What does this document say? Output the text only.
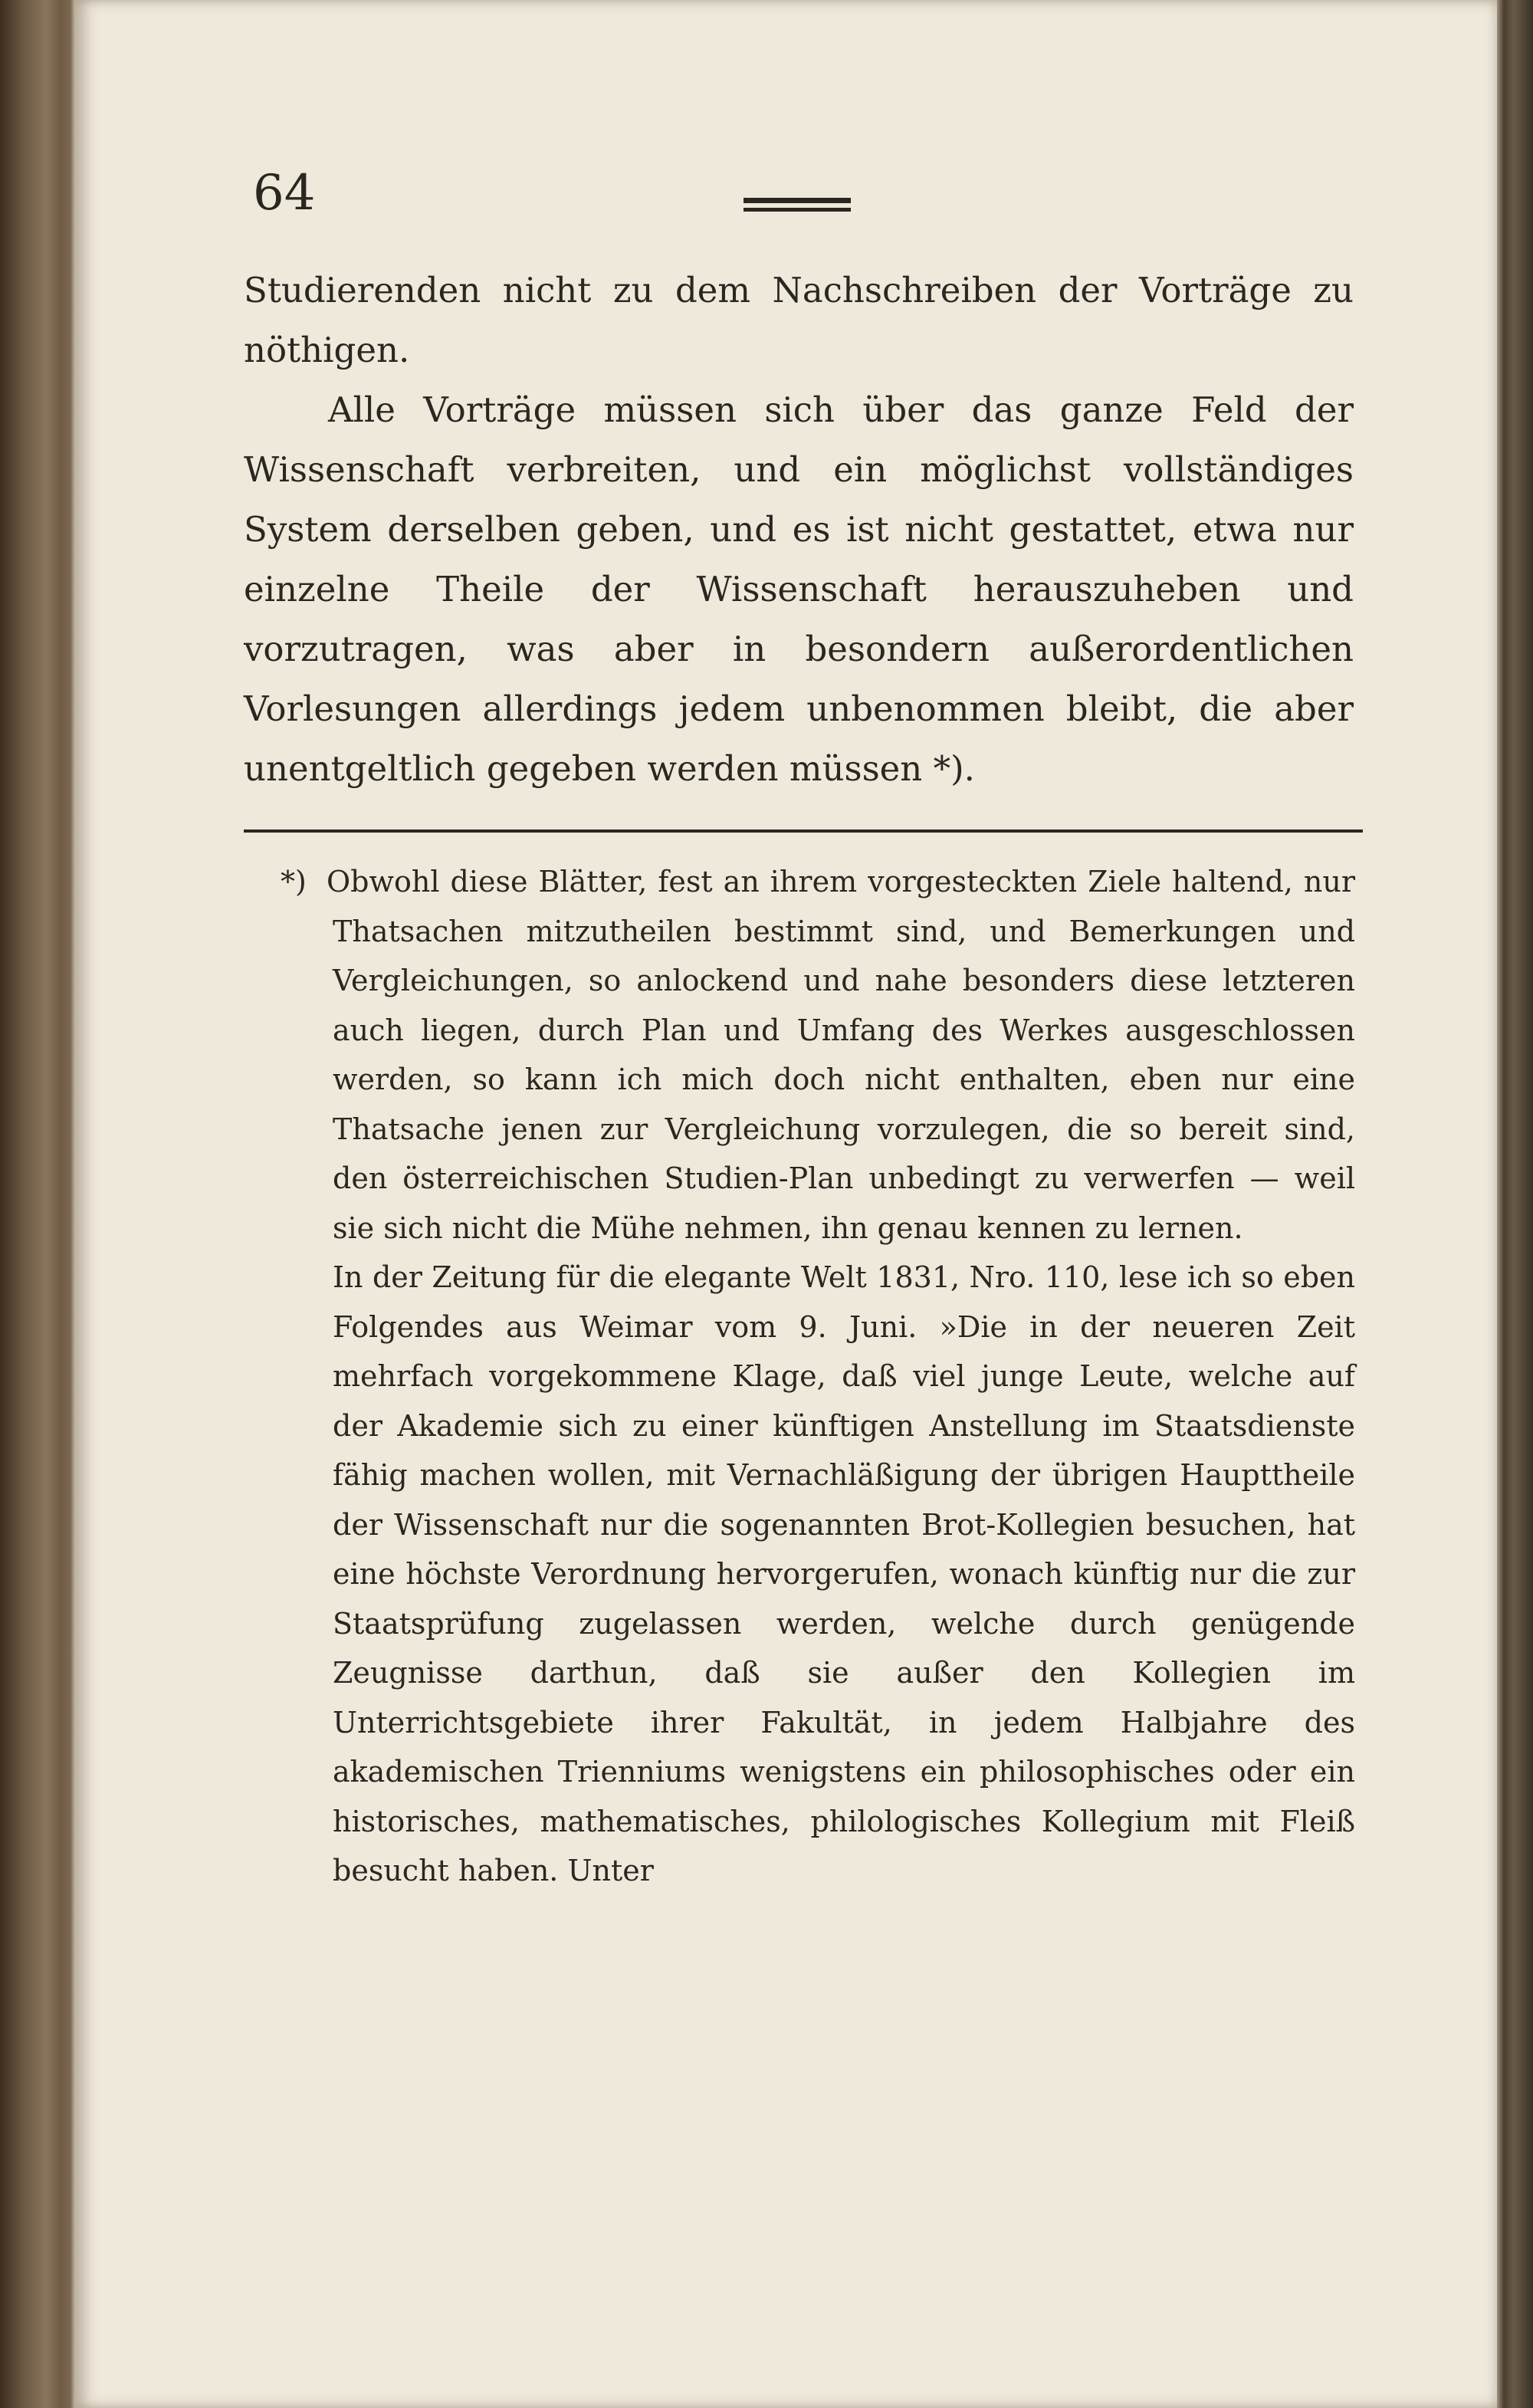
64

Studierenden nicht zu dem Nachschreiben der Vorträge zu nöthigen.

Alle Vorträge müssen sich über das ganze Feld der Wissenschaft verbreiten, und ein möglichst vollständiges System derselben geben, und es ist nicht gestattet, etwa nur einzelne Theile der Wissenschaft herauszuheben und vorzutragen, was aber in besondern außerordentlichen Vorlesungen allerdings jedem unbenommen bleibt, die aber unentgeltlich gegeben werden müssen *).

*) Obwohl diese Blätter, fest an ihrem vorgesteckten Ziele haltend, nur Thatsachen mitzutheilen bestimmt sind, und Bemerkungen und Vergleichungen, so anlockend und nahe besonders diese letzteren auch liegen, durch Plan und Umfang des Werkes ausgeschlossen werden, so kann ich mich doch nicht enthalten, eben nur eine Thatsache jenen zur Vergleichung vorzulegen, die so bereit sind, den österreichischen Studien-Plan unbedingt zu verwerfen — weil sie sich nicht die Mühe nehmen, ihn genau kennen zu lernen.

In der Zeitung für die elegante Welt 1831, Nro. 110, lese ich so eben Folgendes aus Weimar vom 9. Juni. »Die in der neueren Zeit mehrfach vorgekommene Klage, daß viel junge Leute, welche auf der Akademie sich zu einer künftigen Anstellung im Staatsdienste fähig machen wollen, mit Vernachläßigung der übrigen Haupttheile der Wissenschaft nur die sogenannten Brot-Kollegien besuchen, hat eine höchste Verordnung hervorgerufen, wonach künftig nur die zur Staatsprüfung zugelassen werden, welche durch genügende Zeugnisse darthun, daß sie außer den Kollegien im Unterrichtsgebiete ihrer Fakultät, in jedem Halbjahre des akademischen Trienniums wenigstens ein philosophisches oder ein historisches, mathematisches, philologisches Kollegium mit Fleiß besucht haben. Unter
